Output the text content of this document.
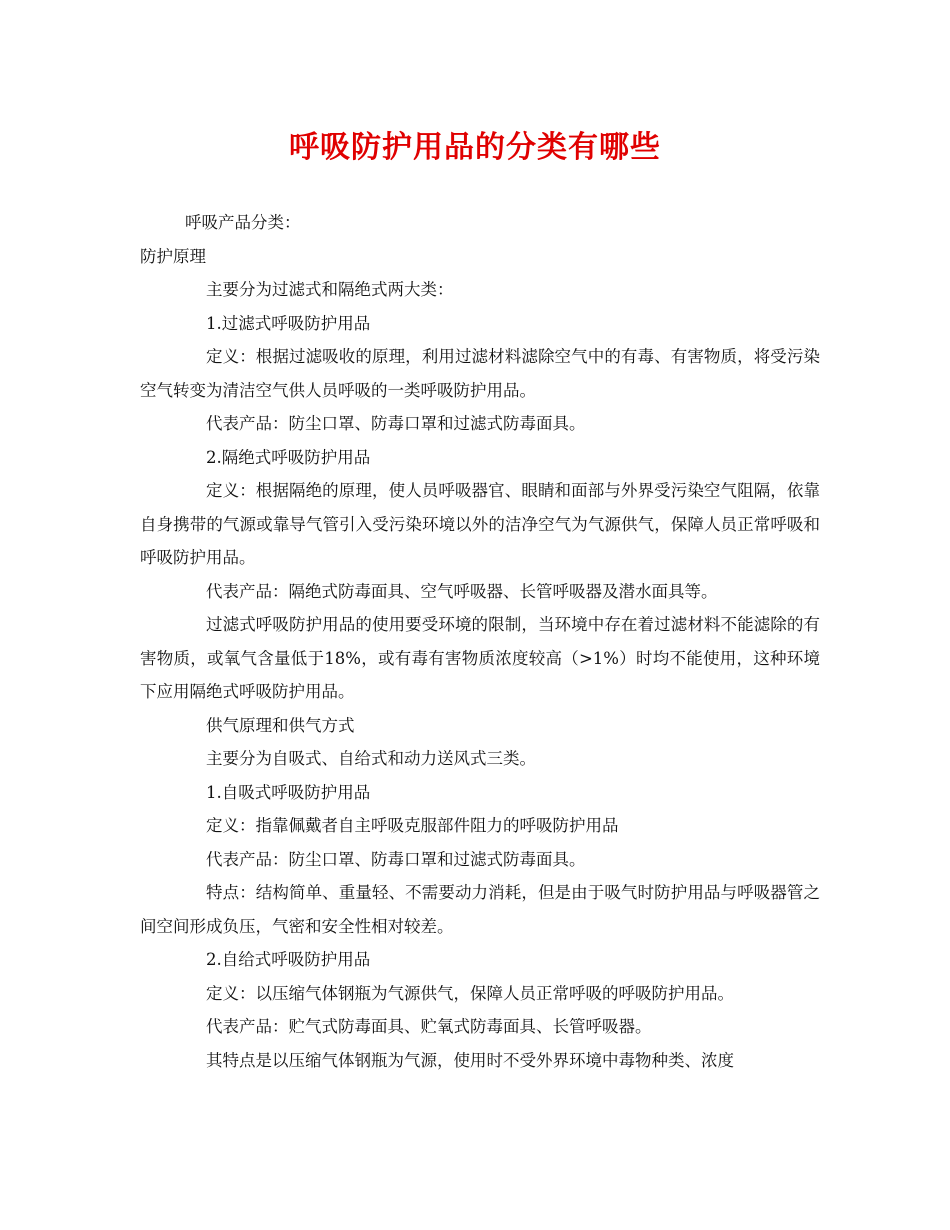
呼吸防护用品的分类有哪些

呼吸产品分类：

防护原理

主要分为过滤式和隔绝式两大类：

1.过滤式呼吸防护用品

定义：根据过滤吸收的原理，利用过滤材料滤除空气中的有毒、有害物质，将受污染空气转变为清洁空气供人员呼吸的一类呼吸防护用品。

代表产品：防尘口罩、防毒口罩和过滤式防毒面具。

2.隔绝式呼吸防护用品

定义：根据隔绝的原理，使人员呼吸器官、眼睛和面部与外界受污染空气阻隔，依靠自身携带的气源或靠导气管引入受污染环境以外的洁净空气为气源供气，保障人员正常呼吸和呼吸防护用品。

代表产品：隔绝式防毒面具、空气呼吸器、长管呼吸器及潜水面具等。

过滤式呼吸防护用品的使用要受环境的限制，当环境中存在着过滤材料不能滤除的有害物质，或氧气含量低于18%，或有毒有害物质浓度较高（>1%）时均不能使用，这种环境下应用隔绝式呼吸防护用品。

供气原理和供气方式

主要分为自吸式、自给式和动力送风式三类。

1.自吸式呼吸防护用品

定义：指靠佩戴者自主呼吸克服部件阻力的呼吸防护用品

代表产品：防尘口罩、防毒口罩和过滤式防毒面具。

特点：结构简单、重量轻、不需要动力消耗，但是由于吸气时防护用品与呼吸器管之间空间形成负压，气密和安全性相对较差。

2.自给式呼吸防护用品

定义：以压缩气体钢瓶为气源供气，保障人员正常呼吸的呼吸防护用品。

代表产品：贮气式防毒面具、贮氧式防毒面具、长管呼吸器。

其特点是以压缩气体钢瓶为气源，使用时不受外界环境中毒物种类、浓度
